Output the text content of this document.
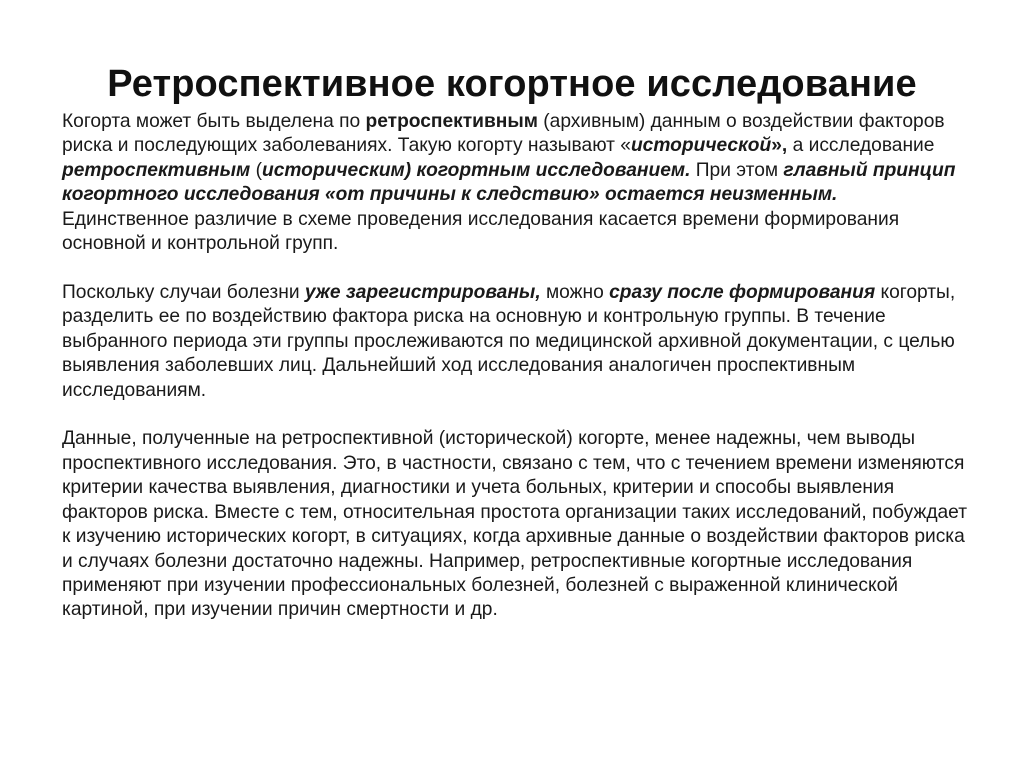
Ретроспективное когортное исследование

Когорта может быть выделена по ретроспективным (архивным) данным о воздействии факторов риска и последующих заболеваниях. Такую когорту называют «исторической», а исследование ретроспективным (историческим) когортным исследованием. При этом главный принцип когортного исследования «от причины к следствию» остается неизменным. Единственное различие в схеме проведения исследования касается времени формирования основной и контрольной групп.

Поскольку случаи болезни уже зарегистрированы, можно сразу после формирования когорты, разделить ее по воздействию фактора риска на основную и контрольную группы. В течение выбранного периода эти группы прослеживаются по медицинской архивной документации, с целью выявления заболевших лиц. Дальнейший ход исследования аналогичен проспективным исследованиям.

Данные, полученные на ретроспективной (исторической) когорте, менее надежны, чем выводы проспективного исследования. Это, в частности, связано с тем, что с течением времени изменяются критерии качества выявления, диагностики и учета больных, критерии и способы выявления факторов риска. Вместе с тем, относительная простота организации таких исследований, побуждает к изучению исторических когорт, в ситуациях, когда архивные данные о воздействии факторов риска и случаях болезни достаточно надежны. Например, ретроспективные когортные исследования применяют при изучении профессиональных болезней, болезней с выраженной клинической картиной, при изучении причин смертности и др.
